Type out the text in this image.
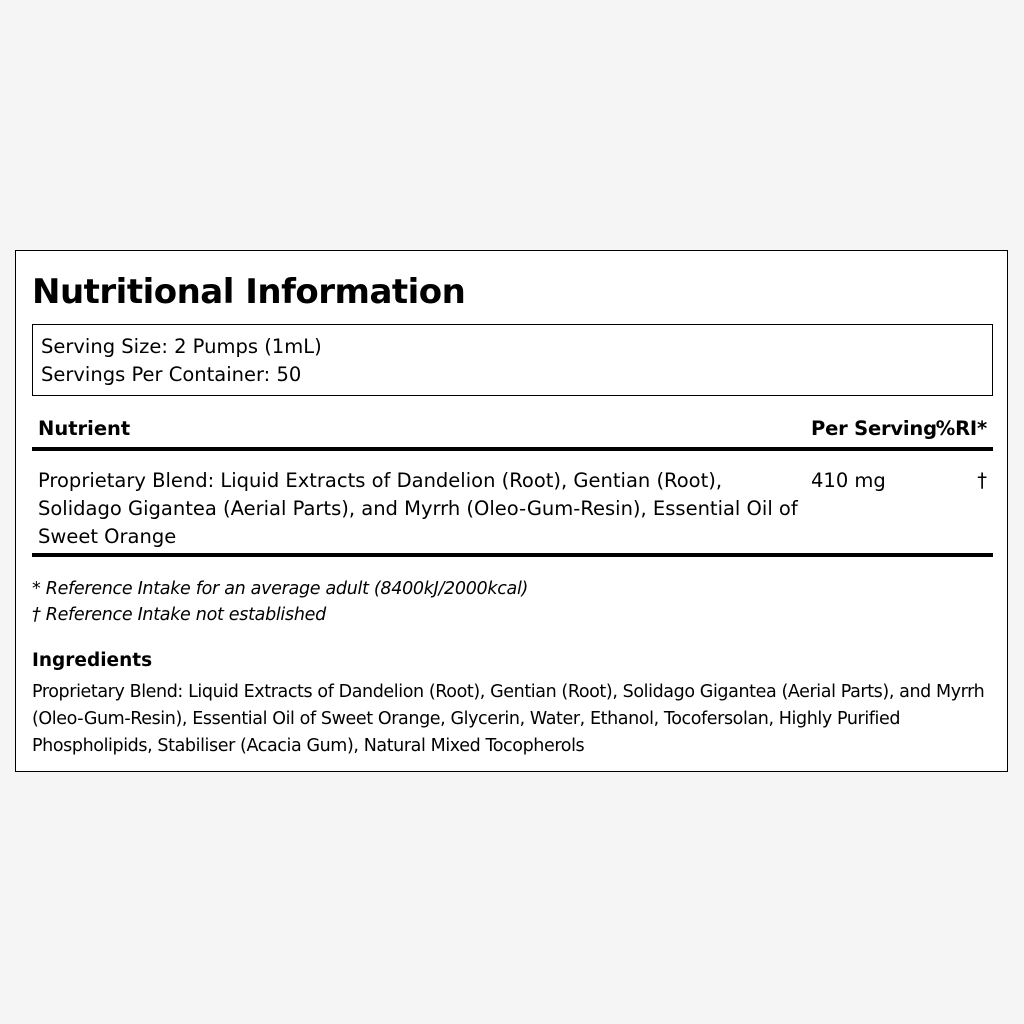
Nutritional Information
Serving Size: 2 Pumps (1mL)
Servings Per Container: 50
Nutrient	Per Serving
%RI*
Proprietary Blend: Liquid Extracts of Dandelion (Root), Gentian (Root), Solidago Gigantea (Aerial Parts), and Myrrh (Oleo-Gum-Resin), Essential Oil of Sweet Orange
410 mg	†
* Reference Intake for an average adult (8400kJ/2000kcal)
† Reference Intake not established
Ingredients

Proprietary Blend: Liquid Extracts of Dandelion (Root), Gentian (Root), Solidago Gigantea (Aerial Parts), and Myrrh (Oleo-Gum-Resin), Essential Oil of Sweet Orange, Glycerin, Water, Ethanol, Tocofersolan, Highly Purified Phospholipids, Stabiliser (Acacia Gum), Natural Mixed Tocopherols
